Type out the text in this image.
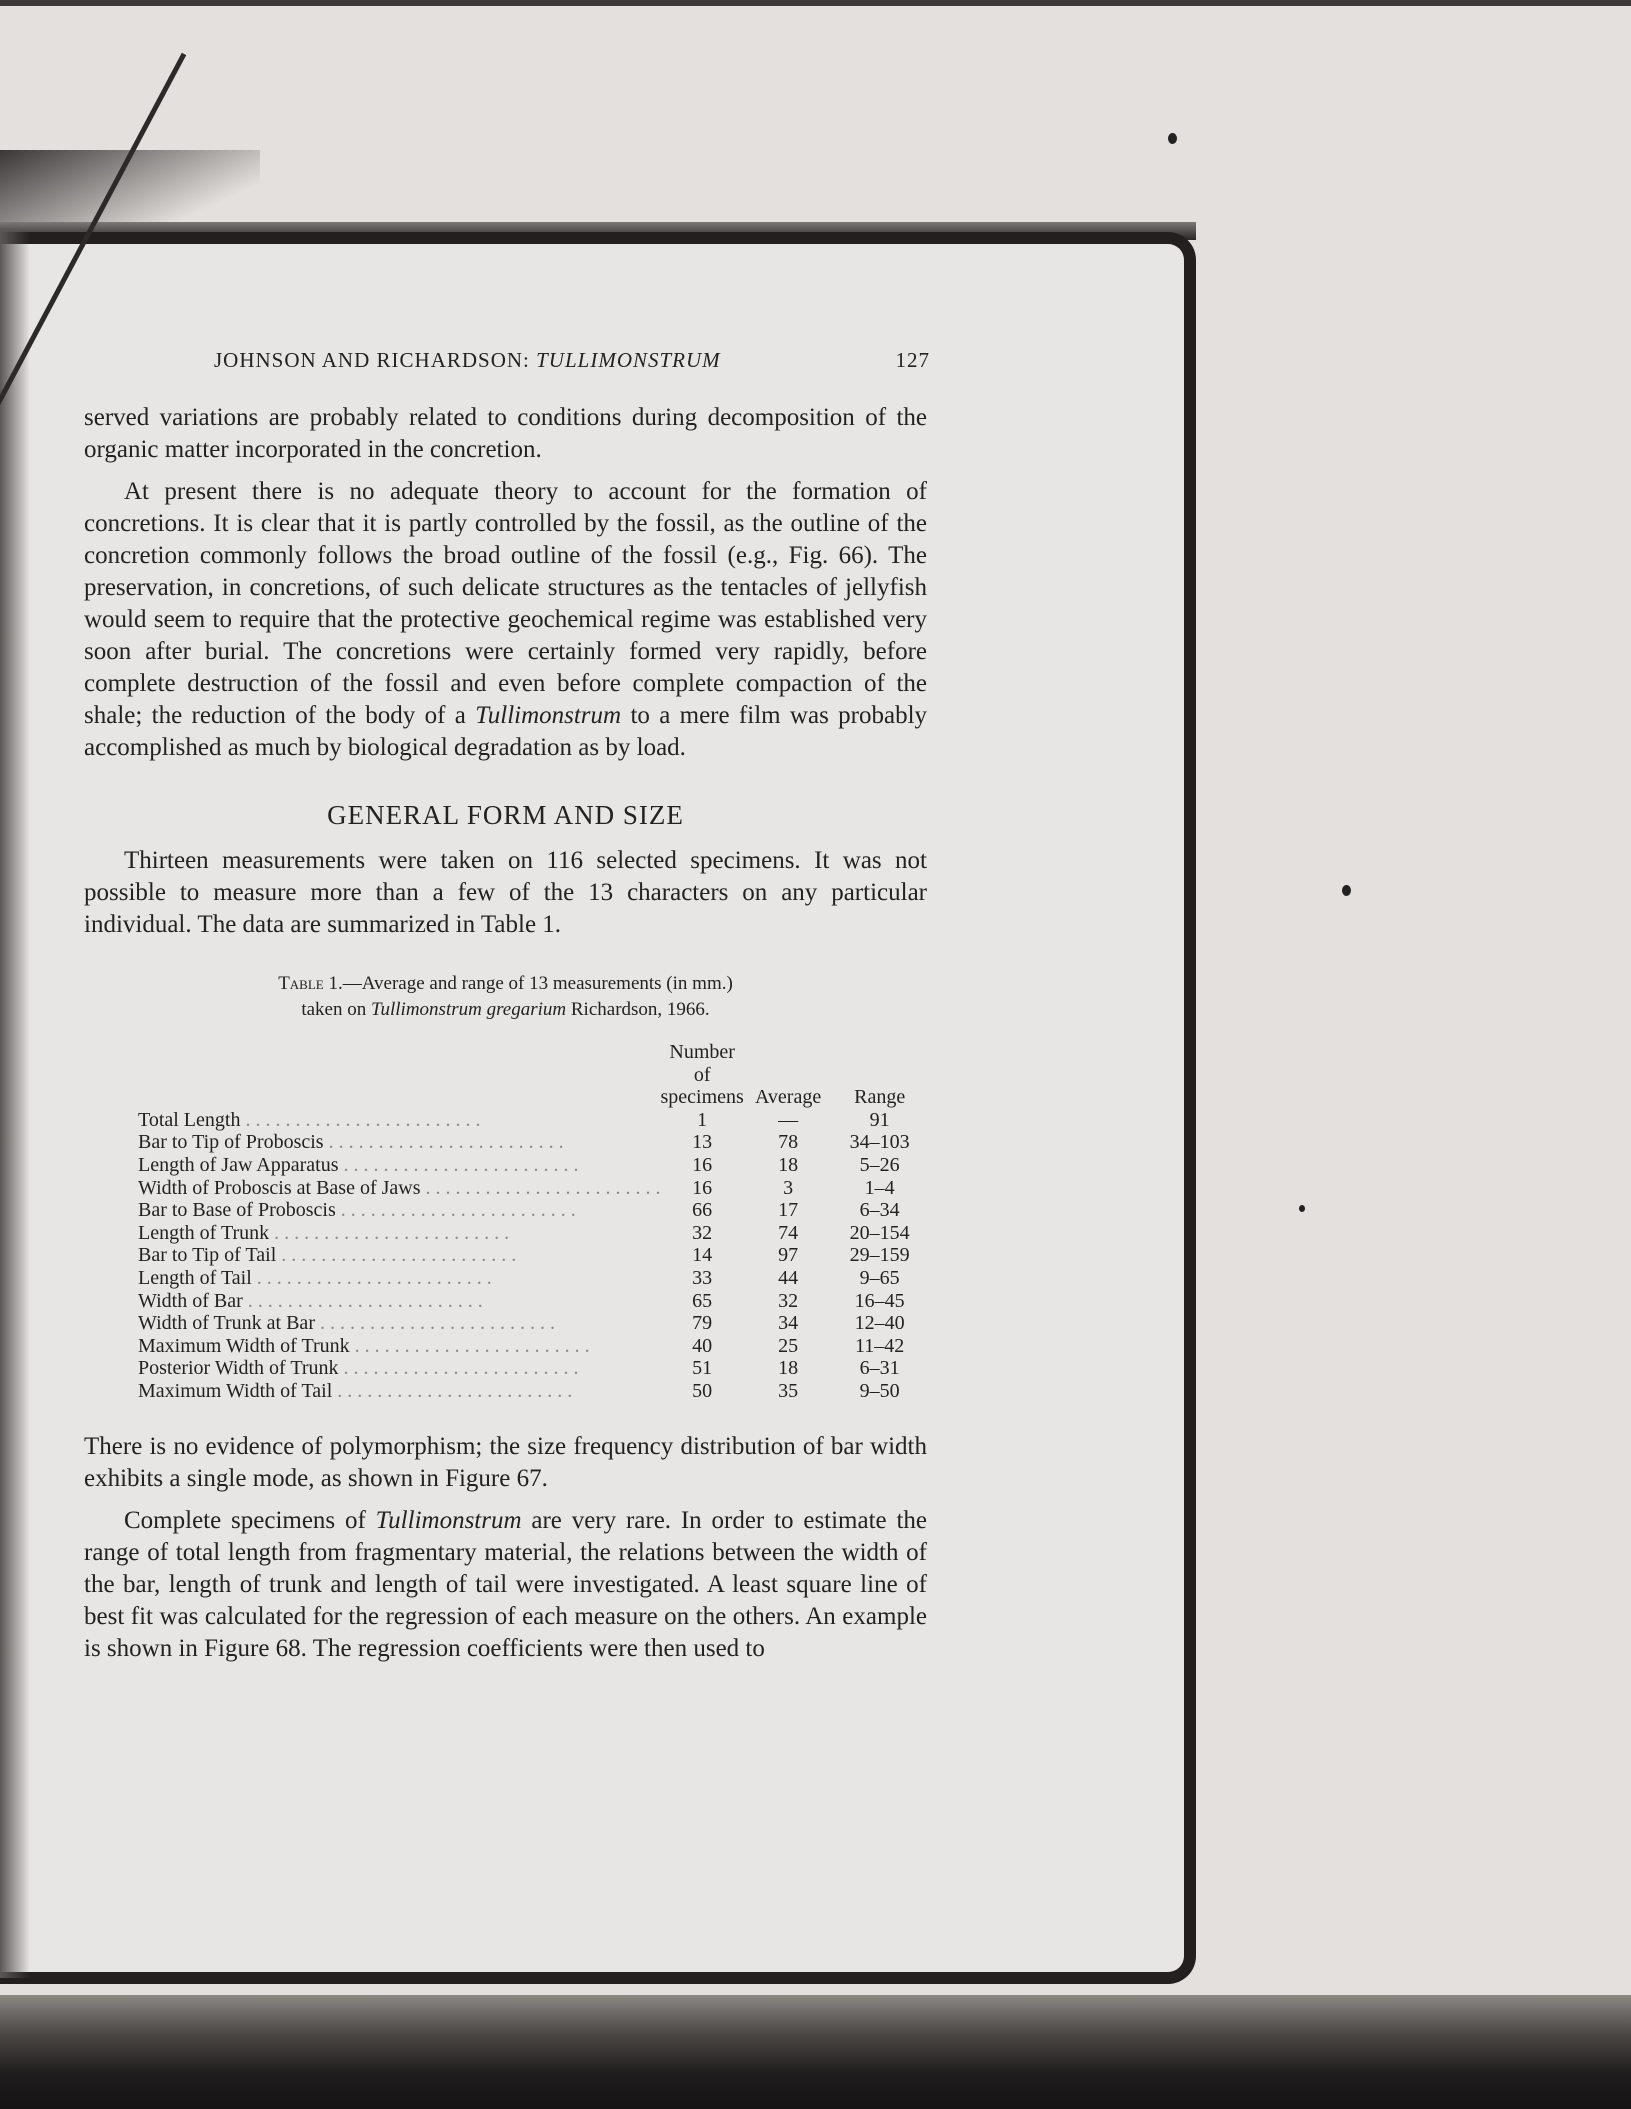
JOHNSON AND RICHARDSON: TULLIMONSTRUM	127

served variations are probably related to conditions during decomposition of the organic matter incorporated in the concretion.

At present there is no adequate theory to account for the formation of concretions. It is clear that it is partly controlled by the fossil, as the outline of the concretion commonly follows the broad outline of the fossil (e.g., Fig. 66). The preservation, in concretions, of such delicate structures as the tentacles of jellyfish would seem to require that the protective geochemical regime was established very soon after burial. The concretions were certainly formed very rapidly, before complete destruction of the fossil and even before complete compaction of the shale; the reduction of the body of a Tullimonstrum to a mere film was probably accomplished as much by biological degradation as by load.

GENERAL FORM AND SIZE

Thirteen measurements were taken on 116 selected specimens. It was not possible to measure more than a few of the 13 characters on any particular individual. The data are summarized in Table 1.

Table 1.—Average and range of 13 measurements (in mm.)
taken on Tullimonstrum gregarium Richardson, 1966.
	Number of
specimens	Average	Range
Total Length . . . . . . . . . . . . . . . . . . . . . . . .	1	—	91
Bar to Tip of Proboscis . . . . . . . . . . . . . . . . . . . . . . . .	13	78	34–103
Length of Jaw Apparatus . . . . . . . . . . . . . . . . . . . . . . . .	16	18	5–26
Width of Proboscis at Base of Jaws . . . . . . . . . . . . . . . . . . . . . . . .	16	3	1–4
Bar to Base of Proboscis . . . . . . . . . . . . . . . . . . . . . . . .	66	17	6–34
Length of Trunk . . . . . . . . . . . . . . . . . . . . . . . .	32	74	20–154
Bar to Tip of Tail . . . . . . . . . . . . . . . . . . . . . . . .	14	97	29–159
Length of Tail . . . . . . . . . . . . . . . . . . . . . . . .	33	44	9–65
Width of Bar . . . . . . . . . . . . . . . . . . . . . . . .	65	32	16–45
Width of Trunk at Bar . . . . . . . . . . . . . . . . . . . . . . . .	79	34	12–40
Maximum Width of Trunk . . . . . . . . . . . . . . . . . . . . . . . .	40	25	11–42
Posterior Width of Trunk . . . . . . . . . . . . . . . . . . . . . . . .	51	18	6–31
Maximum Width of Tail . . . . . . . . . . . . . . . . . . . . . . . .	50	35	9–50

There is no evidence of polymorphism; the size frequency distribution of bar width exhibits a single mode, as shown in Figure 67.

Complete specimens of Tullimonstrum are very rare. In order to estimate the range of total length from fragmentary material, the relations between the width of the bar, length of trunk and length of tail were investigated. A least square line of best fit was calculated for the regression of each measure on the others. An example is shown in Figure 68. The regression coefficients were then used to
